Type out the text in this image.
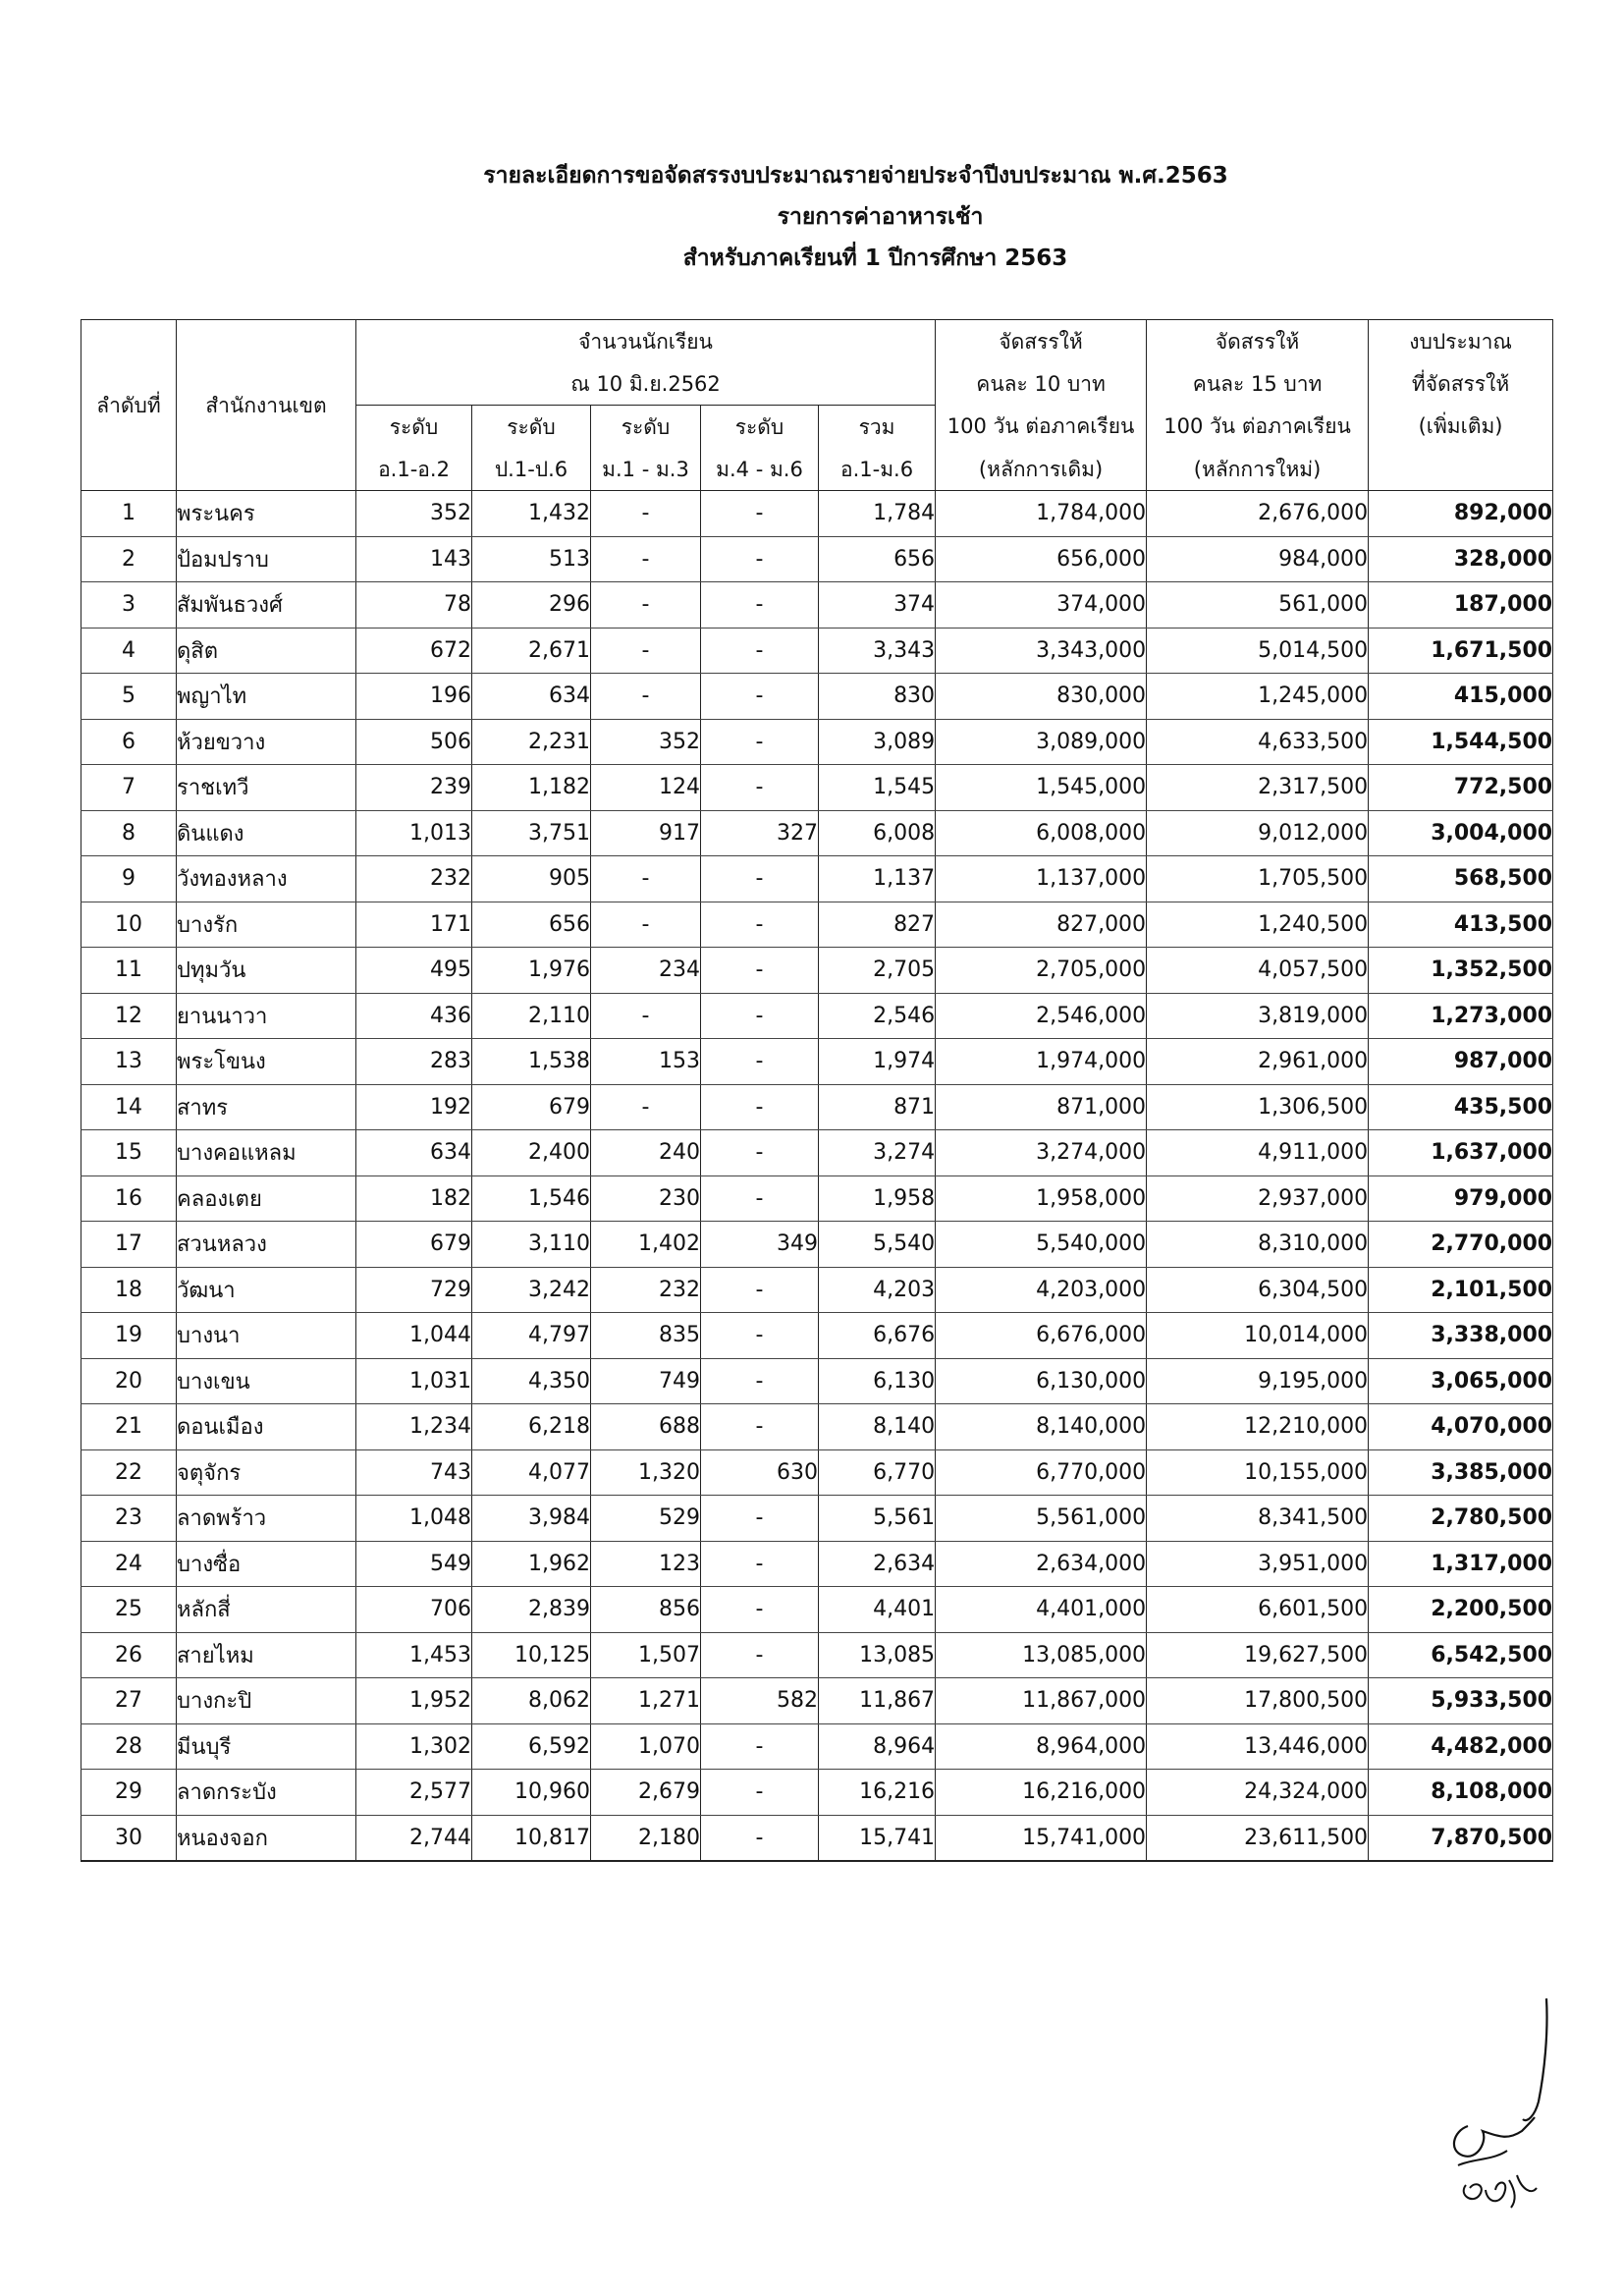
รายละเอียดการขอจัดสรรงบประมาณรายจ่ายประจำปีงบประมาณ พ.ศ.2563
รายการค่าอาหารเช้า
สำหรับภาคเรียนที่ 1 ปีการศึกษา 2563
ลำดับที่	สำนักงานเขต	จำนวนนักเรียน					จัดสรรให้	จัดสรรให้	งบประมาณ
		ณ 10 มิ.ย.2562					คนละ 10 บาท	คนละ 15 บาท	ที่จัดสรรให้
		ระดับ	ระดับ	ระดับ	ระดับ	รวม	100 วัน ต่อภาคเรียน	100 วัน ต่อภาคเรียน	(เพิ่มเติม)
		อ.1-อ.2	ป.1-ป.6	ม.1 - ม.3	ม.4 - ม.6	อ.1-ม.6	(หลักการเดิม)	(หลักการใหม่)	
1	พระนคร	352	1,432	-	-	1,784	1,784,000	2,676,000	892,000
2	ป้อมปราบ	143	513	-	-	656	656,000	984,000	328,000
3	สัมพันธวงศ์	78	296	-	-	374	374,000	561,000	187,000
4	ดุสิต	672	2,671	-	-	3,343	3,343,000	5,014,500	1,671,500
5	พญาไท	196	634	-	-	830	830,000	1,245,000	415,000
6	ห้วยขวาง	506	2,231	352	-	3,089	3,089,000	4,633,500	1,544,500
7	ราชเทวี	239	1,182	124	-	1,545	1,545,000	2,317,500	772,500
8	ดินแดง	1,013	3,751	917	327	6,008	6,008,000	9,012,000	3,004,000
9	วังทองหลาง	232	905	-	-	1,137	1,137,000	1,705,500	568,500
10	บางรัก	171	656	-	-	827	827,000	1,240,500	413,500
11	ปทุมวัน	495	1,976	234	-	2,705	2,705,000	4,057,500	1,352,500
12	ยานนาวา	436	2,110	-	-	2,546	2,546,000	3,819,000	1,273,000
13	พระโขนง	283	1,538	153	-	1,974	1,974,000	2,961,000	987,000
14	สาทร	192	679	-	-	871	871,000	1,306,500	435,500
15	บางคอแหลม	634	2,400	240	-	3,274	3,274,000	4,911,000	1,637,000
16	คลองเตย	182	1,546	230	-	1,958	1,958,000	2,937,000	979,000
17	สวนหลวง	679	3,110	1,402	349	5,540	5,540,000	8,310,000	2,770,000
18	วัฒนา	729	3,242	232	-	4,203	4,203,000	6,304,500	2,101,500
19	บางนา	1,044	4,797	835	-	6,676	6,676,000	10,014,000	3,338,000
20	บางเขน	1,031	4,350	749	-	6,130	6,130,000	9,195,000	3,065,000
21	ดอนเมือง	1,234	6,218	688	-	8,140	8,140,000	12,210,000	4,070,000
22	จตุจักร	743	4,077	1,320	630	6,770	6,770,000	10,155,000	3,385,000
23	ลาดพร้าว	1,048	3,984	529	-	5,561	5,561,000	8,341,500	2,780,500
24	บางซื่อ	549	1,962	123	-	2,634	2,634,000	3,951,000	1,317,000
25	หลักสี่	706	2,839	856	-	4,401	4,401,000	6,601,500	2,200,500
26	สายไหม	1,453	10,125	1,507	-	13,085	13,085,000	19,627,500	6,542,500
27	บางกะปิ	1,952	8,062	1,271	582	11,867	11,867,000	17,800,500	5,933,500
28	มีนบุรี	1,302	6,592	1,070	-	8,964	8,964,000	13,446,000	4,482,000
29	ลาดกระบัง	2,577	10,960	2,679	-	16,216	16,216,000	24,324,000	8,108,000
30	หนองจอก	2,744	10,817	2,180	-	15,741	15,741,000	23,611,500	7,870,500
